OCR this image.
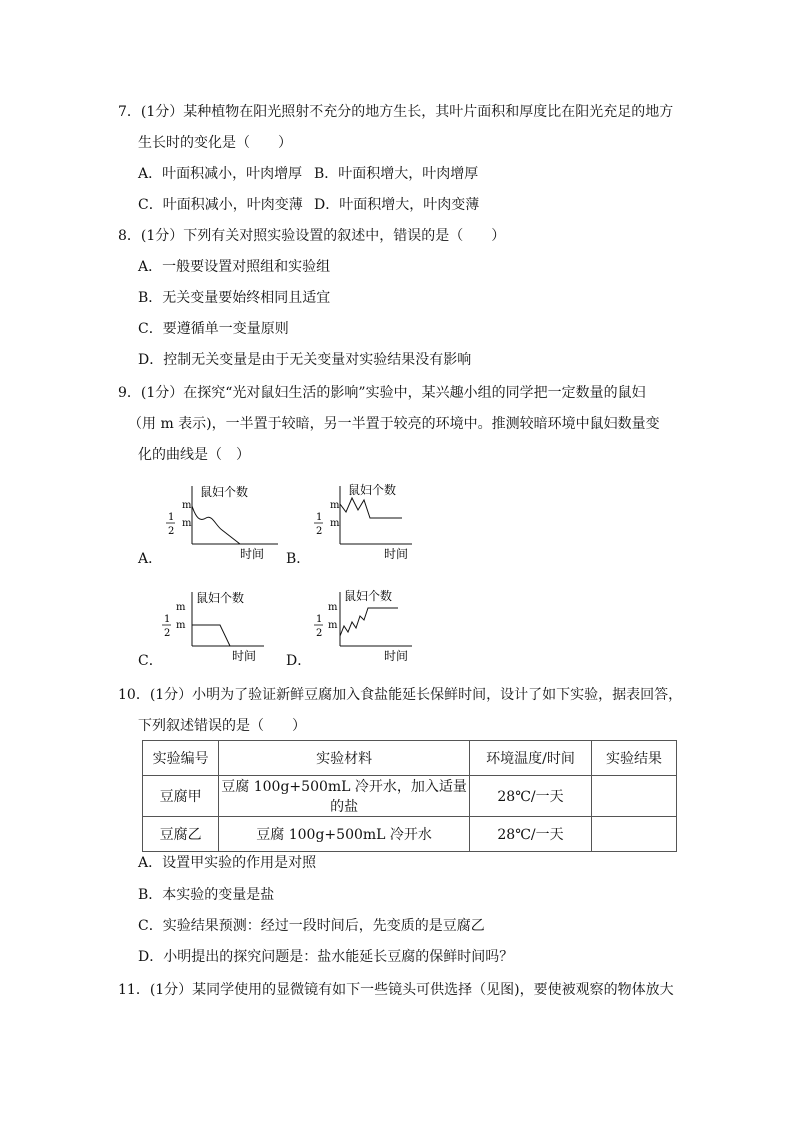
7．(1分）某种植物在阳光照射不充分的地方生长，其叶片面积和厚度比在阳光充足的地方
生长时的变化是（　　）
A．叶面积减小，叶肉增厚 B．叶面积增大，叶肉增厚
C．叶面积减小，叶肉变薄 D．叶面积增大，叶肉变薄
8．(1分）下列有关对照实验设置的叙述中，错误的是（　　）
A．一般要设置对照组和实验组
B．无关变量要始终相同且适宜
C．要遵循单一变量原则
D．控制无关变量是由于无关变量对实验结果没有影响
9．(1分）在探究“光对鼠妇生活的影响”实验中，某兴趣小组的同学把一定数量的鼠妇
（用 m 表示)，一半置于较暗，另一半置于较亮的环境中。推测较暗环境中鼠妇数量变
化的曲线是（　）
鼠妇个数
时间
m
m
1
2
A．
鼠妇个数
时间
m
m
1
2
B．
鼠妇个数
时间
m
m
1
2
C．
鼠妇个数
时间
m
m
1
2
D．
10．(1分）小明为了验证新鲜豆腐加入食盐能延长保鲜时间，设计了如下实验，据表回答，
下列叙述错误的是（　　）
实验编号	实验材料	环境温度/时间	实验结果
豆腐甲	豆腐 100g+500mL 冷开水，加入适量的盐	28℃/一天	
豆腐乙	豆腐 100g+500mL 冷开水	28℃/一天	
A．设置甲实验的作用是对照
B．本实验的变量是盐
C．实验结果预测：经过一段时间后，先变质的是豆腐乙
D．小明提出的探究问题是：盐水能延长豆腐的保鲜时间吗？
11．(1分）某同学使用的显微镜有如下一些镜头可供选择（见图)，要使被观察的物体放大
